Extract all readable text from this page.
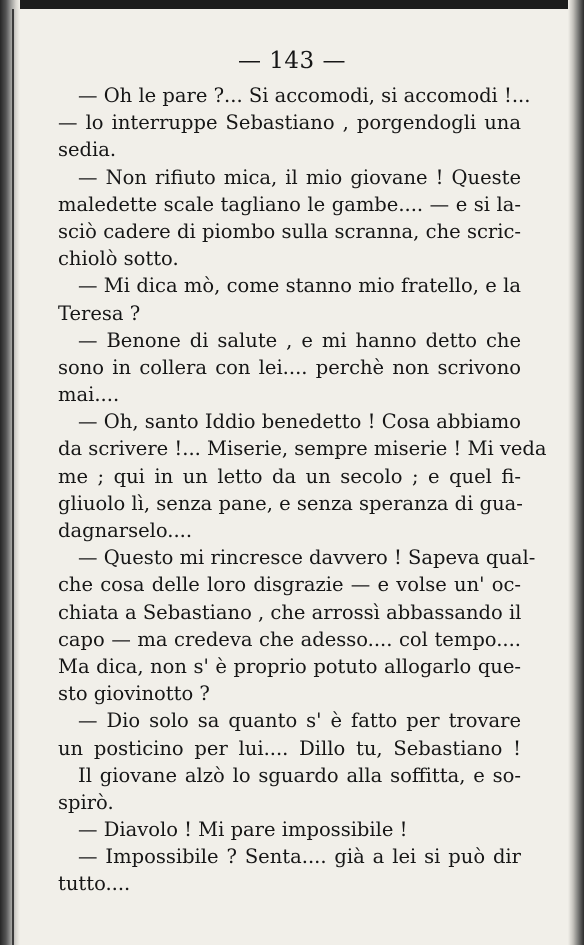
— 143 —
— Oh le pare ?... Si accomodi, si accomodi !...
— lo interruppe Sebastiano , porgendogli una
sedia.
— Non rifiuto mica, il mio giovane ! Queste
maledette scale tagliano le gambe.... — e si la-
sciò cadere di piombo sulla scranna, che scric-
chiolò sotto.
— Mi dica mò, come stanno mio fratello, e la
Teresa ?
— Benone di salute , e mi hanno detto che
sono in collera con lei.... perchè non scrivono
mai....
— Oh, santo Iddio benedetto ! Cosa abbiamo
da scrivere !... Miserie, sempre miserie ! Mi veda
me ; qui in un letto da un secolo ; e quel fi-
gliuolo lì, senza pane, e senza speranza di gua-
dagnarselo....
— Questo mi rincresce davvero ! Sapeva qual-
che cosa delle loro disgrazie — e volse un' oc-
chiata a Sebastiano , che arrossì abbassando il
capo — ma credeva che adesso.... col tempo....
Ma dica, non s' è proprio potuto allogarlo que-
sto giovinotto ?
— Dio solo sa quanto s' è fatto per trovare
un posticino per lui.... Dillo tu, Sebastiano !
Il giovane alzò lo sguardo alla soffitta, e so-
spirò.
— Diavolo ! Mi pare impossibile !
— Impossibile ? Senta.... già a lei si può dir
tutto....
